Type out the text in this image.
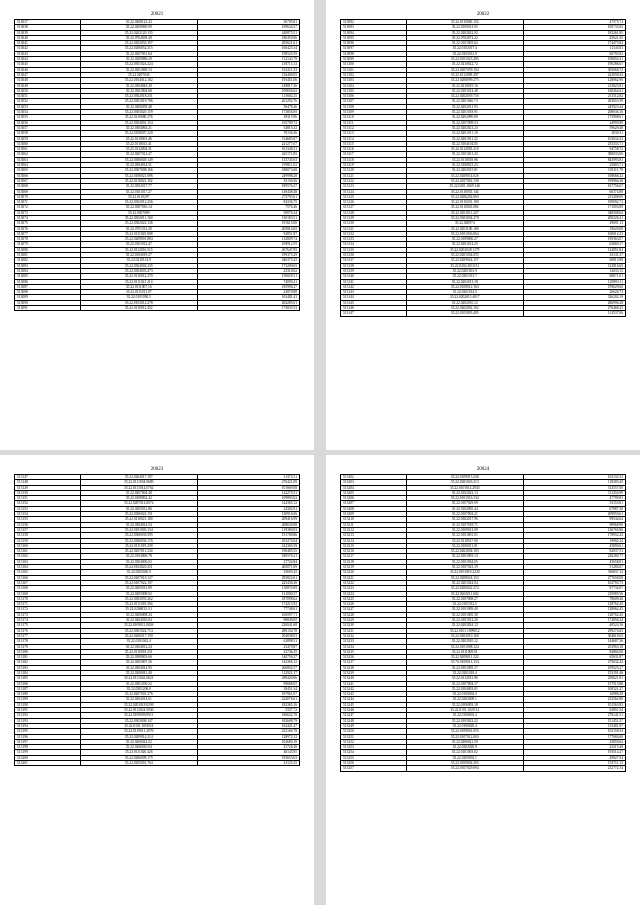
20021
513037	35.22.0208122.43	56705.81
513038	35.22.0209069.99	109634.57
513039	35.22.0202120.135	240875.51
513040	35.22.0704038.49	180450.96
513041	35.22.0202033.197	205621.61
513042	35.22.0206052.315	160425.34
513043	35.22.0207051.64	198525.59
513044	35.22.0209086.29	112143.79
513045	35.22.0301024.224	159715.13
513046	35.22.0201069.13	161211.53
513047	35.22.0207045	126400.65
513048	35.22.0104012.182	193451.06
513049	35.22.0304043.40	149817.26
513050	35.22.0301004.68	109656.63
513051	35.22.0302018.231	115682.25
513052	35.22.0301019.786	201292.76
513053	35.22.0206059.48	58478.46
513054	35.22.0303020.159	173856.09
513055	35.22.0110080.276	39315.96
513056	35.22.0304001.154	165709.72
513057	35.22.0304063.21	54815.32
513058	35.22.0108007.220	78156.36
513059	35.22.0110001.46	154685.87
513060	35.22.0118013.41	221277.07
513061	35.22.0112004.31	161348.31
513062	35.22.0207012.47	425171.85
513063	35.22.0306049.149	133745.63
513064	35.22.0304014.31	195811.02
513065	35.22.0307008.166	188073.68
513066	35.22.0106021.096	249998.28
513067	35.22.0118021.102	35156.56
513068	35.22.0302017.77	189576.27
513069	35.22.0101017.27	149438.48
513070	35.22.0110297	273793.61
513071	35.22.0302012.256	84336.75
513072	35.22.0307016.14	7576.46
513073	35.22.0307089	50076.24
513074	35.22.0302011.160	130183.51
513075	35.22.0302022.136	191615.00
513076	35.22.0701313.20	205814.65
513077	35.22.0111025.808	92851.87
513078	35.22.0209001.884	132809.74
513079	35.22.0101012.47	109912.55
513080	35.22.0112016.315	267647.85
513081	35.22.0104019.27	199373.29
513082	35.22.0210114.9	346375.25
513083	35.22.0304002.235	173209.65
513084	35.22.0304003.473	23310.62
513085	35.22.0110012.270	156829.51
513086	35.22.0111021.214	74090.21
513087	35.22.0111007.16	185996.27
513088	35.22.0111011.07	23870.88
513089	35.22.0101030.5	162481.41
513090	35.22.0103012.278	264285.01
513091	35.22.0110012.452	175833.53
20022
513092	35.22.0110060.154	47575.71
513093	35.22.0109013.95	100733.82
513094	35.22.0202022.92	183261.85
513095	35.22.0702072.22	45621.45
513096	35.22.0101003.62	174475.82
513097	35.22.0102017.4	11143.03
513098	35.22.0303012.9	60793.82
513099	35.22.0101023.285	106854.31
513100	35.22.0210022.72	190286.67
513101	35.22.0207059.104	305668.72
513102	35.22.0112009.297	222058.42
513103	35.22.0208099.275	128062.90
513104	35.22.0210019.16	213823.81
513105	35.22.0101014.48	160262.61
513106	35.22.0202039.750	211512.82
513107	35.22.0201040.73	263653.59
513108	35.22.0202011.93	245923.44
513109	35.22.0201018.91	208636.16
513110	35.22.0202090.89	175908.61
513111	35.22.0107009.53	24993.89
513112	35.22.0202021.23	59629.48
513113	35.22.0201011.10	2030.31
513114	35.22.0201011.22	103634.32
513115	35.22.0104104.05	253333.71
513116	35.22.0112005.210	94758.72
513117	35.22.0101021.43	380033.06
513118	35.22.0110018.86	843993.81
513119	35.22.0108023.23	25803.71
513120	35.22.0202015.81	103111.79
513121	35.22.0208014.026	168666.22
513122	35.22.0107002.130	199966.30
513123	35.22.0201.1069.146	167756.67
513124	35.22.0110035.144	60374.88
513125	35.22.0206202.063	213408.09
513126	35.22.0110201.100	190092.71
513127	35.22.0110043.084	171003.89
513128	35.22.0201011.227	348508.64
513129	35.22.0303004.270	200226.41
513130	35.22.020974	29691.13
513131	35.22.0201100.100	19620.08
513132	35.22.0101036.064	160014.23
513133	35.22.0109006.27	199363.07
513134	35.22.0201012.25	62669.17
513135	35.22.0202028.1179	122851.84
513136	35.22.0201004.055	33131.37
513137	35.22.0209024.157	60813.98
513138	35.22.0202.4010.51	122816.65
513139	35.22.0201001.9	12033.15
513140	35.22.0201013.7	68671.01
513141	35.22.0202013.18	120893.11
513142	35.22.0108012.163	199629.60
513143	35.22.0201014.5	26626.73
513144	35.22.0202015.4017	326202.19
513145	35.22.0202010.12	286996.28
513146	35.22.0202002.192	276468.25
513147	35.22.0103003.405	112537.06
20023
513147	35.22.0204017.197	31372.51
513148	35.22.0111034.0689	276421.09
513149	35.22.0111014.0762	101869.08
513150	35.22.0207004.48	122273.51
513151	35.22.0108002.42	109803.02
513152	35.22.0207014.0072	142365.12
513153	35.22.0205012.86	24302.91
513154	35.22.0306022.151	150916.06
513155	35.22.0110021.180	209416.99
513156	35.22.0304014.54	208630.98
513157	35.22.0101003.134	119380.03
513158	35.22.0306039.395	191700.86
513159	35.22.0306036.176	255274.04
513160	35.22.0111019.239	142365.59
513161	35.22.0207011.234	190485.55
513162	35.22.0104006.78	180576.21
513163	35.22.0304006.02	27724.84
513164	35.22.0104020.251	465071.89
513165	35.22.0205020.9	35693.25
513166	35.22.0207010.127	293822.61
513167	35.22.0107022.107	225436.30
513168	35.22.0205013.89	110874.09
513169	35.22.0205008.02	121000.37
513170	35.22.0303093.262	187098.62
513171	35.22.0111019.394	174213.92
513172	35.22.0206033.3.1	77748.61
513173	35.22.0206008.24	106597.71
513174	35.22.0204010.04	98849.65
513175	35.22.0109011.0026	220041.68
513176	35.22.0301024.714	280154.78
513177	35.22.0206017.150	204038.03
513178	35.22.0101042.4	62898.31
513179	35.22.0304012.24	23479.87
513180	35.22.0110018.251	23746.25
513181	35.22.0308003.66	140756.37
513182	35.22.0205007.26	142365.12
513183	35.22.0304012.95	266802.57
513184	35.22.0208041.40	112921.17
513185	35.22.0111042.0621	298420.66
513186	35.22.0301209.22	99688.65
513187	35.22.0301206.0	18451.34
513188	35.22.0207001.276	187961.07
513189	35.22.0204014.61	224076.61
513190	35.22.0201018.0290	182365.16
513191	35.22.0112024.3030	5337.72
513192	35.22.0109009.0911	186632.78
513193	35.22.0303008.147	182608.79
513194	35.22.0101.1058.04	162441.47
513195	35.22.0119011.2070	232166.78
513196	35.22.0209014.214	128972.12
513197	35.22.0206022.52	102680.18
513198	35.22.0206010.04	41726.48
513199	35.22.0111020.426	46143.95
513200	35.22.0206009.175	193653.63
513201	35.22.0205001.764	41125.25
20024
513202	35.22.0109015.236	102132.53
513203	35.22.0201043.213	118383.45
513204	35.22.0101014.2945	313557.00
513205	35.22.0102022.13	111254.99
513206	35.22.0101016.134	47799.83
513207	35.22.0107029.99	53153.81
513208	35.22.0102005.44	67987.38
513209	35.22.0107004.21	209950.61
513210	35.22.0302017.96	99544.64
513211	35.22.0107018.71	98968.90
513212	35.22.0109012.09	126765.86
513213	35.22.0101001.01	178952.43
513214	35.22.0110017.00	19082.24
513215	35.22.0100011.01	45890.61
513216	35.22.0202004.103	82037.51
513217	35.22.0101003.13	226284.77
513218	35.22.0101034.05	45658.81
513219	35.22.0107023.19	51284.67
513220	35.22.0101010.2229	336837.12
513221	35.22.0208024.153	277658.09
513222	35.22.0201024.04	102793.73
513223	35.22.0206022.272	97734.07
513224	35.22.0202011.002	210985.56
513225	35.22.0107008.27	78609.26
513226	35.22.0101012.5	128762.45
513227	35.22.0101009.40	128962.45
513228	35.22.0101005.30	128762.45
513229	35.22.0101012.20	172856.24
513230	35.22.0202024.12	40524.16
513231	35.22.0101.1099012	299274.65
513232	35.22.0202010.160	304619.63
513233	35.22.0202010.12	144687.36
513234	35.22.0101008.124	253963.18
513235	35.22.0111008.01	84884.08
513236	35.22.0209011.222	65631.87
513237	35.70.0109014.154	275632.42
513238	35.22.0101005.17	109523.27
513239	35.22.0201018.4	153191.46
513240	35.22.0112013.96	256021.81
513241	35.22.0107004.17	157515.86
513242	35.22.0104003.01	100521.27
513243	35.22.0106004.3	16986.58
513244	35.22.0202009.1	232562.88
513245	35.22.0106003.18	101563.83
513246	35.22.0101.1029.12	63851.54
513247	35.22.0106003.4	278141.51
513248	35.22.0103022.22	151451.37
513249	35.22.0106020.4	135481.97
513250	35.22.0109001.055	103158.54
513251	35.22.0107012.004	177684.60
513252	35.22.0206021.59	23850.64
513253	35.22.0202020.9	23215.40
513254	35.22.0101003.02	193514.27
513255	35.22.0205003.1	49827.54
513256	35.22.0109002.205	153711.13
513257	35.22.0107029.094	212772.14
